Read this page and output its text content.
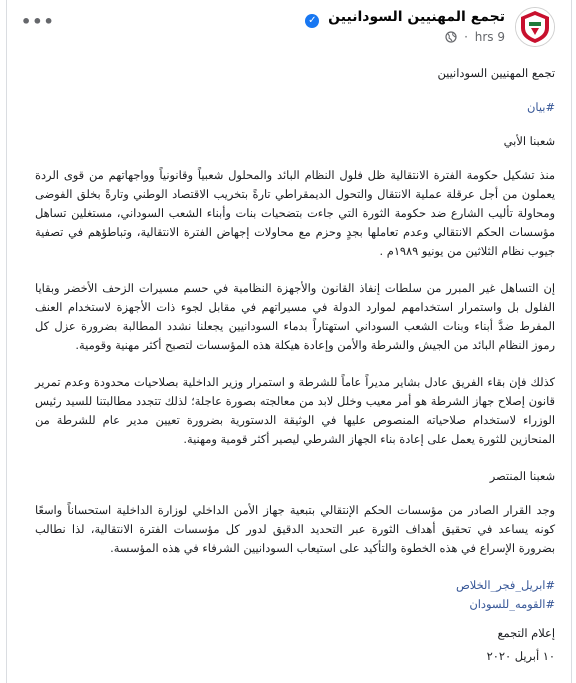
تجمع المهنيين السودانيين ✓
9 hrs ·
•••

تجمع المهنيين السودانيين

#بيان

شعبنا الأبي

منذ تشكيل حكومة الفترة الانتقالية ظل فلول النظام البائد والمحلول شعبياً وقانونياً وواجهاتهم من قوى الردة يعملون من أجل عرقلة عملية الانتقال والتحول الديمقراطي تارةً بتخريب الاقتصاد الوطني وتارةً بخلق الفوضى ومحاولة تأليب الشارع ضد حكومة الثورة التي جاءت بتضحيات بنات وأبناء الشعب السوداني، مستغلين تساهل مؤسسات الحكم الانتقالي وعدم تعاملها بجدٍ وحزم مع محاولات إجهاض الفترة الانتقالية، وتباطؤهم في تصفية جيوب نظام الثلاثين من يونيو ١٩٨٩م .

إن التساهل غير المبرر من سلطات إنفاذ القانون والأجهزة النظامية في حسم مسيرات الزحف الأخضر وبقايا الفلول بل واستمرار استخدامهم لموارد الدولة في مسيراتهم في مقابل لجوء ذات الأجهزة لاستخدام العنف المفرط ضدَّ أبناء وبنات الشعب السوداني استهتاراً بدماء السودانيين يجعلنا نشدد المطالبة بضرورة عزل كل رموز النظام البائد من الجيش والشرطة والأمن وإعادة هيكلة هذه المؤسسات لتصبح أكثر مهنية وقومية.

كذلك فإن بقاء الفريق عادل بشاير مديراً عاماً للشرطة و استمرار وزير الداخلية بصلاحيات محدودة وعدم تمرير قانون إصلاح جهاز الشرطة هو أمر معيب وخلل لابد من معالجته بصورة عاجلة؛ لذلك تتجدد مطالبتنا للسيد رئيس الوزراء لاستخدام صلاحياته المنصوص عليها في الوثيقة الدستورية بضرورة تعيين مدير عام للشرطة من المنحازين للثورة يعمل على إعادة بناء الجهاز الشرطي ليصير أكثر قومية ومهنية.

شعبنا المنتصر

وجد القرار الصادر من مؤسسات الحكم الإنتقالي بتبعية جهاز الأمن الداخلي لوزارة الداخلية استحساناً واسعًا كونه يساعد في تحقيق أهداف الثورة عبر التحديد الدقيق لدور كل مؤسسات الفترة الانتقالية، لذا نطالب بضرورة الإسراع في هذه الخطوة والتأكيد على استيعاب السودانيين الشرفاء في هذه المؤسسة.

#ابريل_فجر_الخلاص
#القومه_للسودان

إعلام التجمع

١٠ أبريل ٢٠٢٠
